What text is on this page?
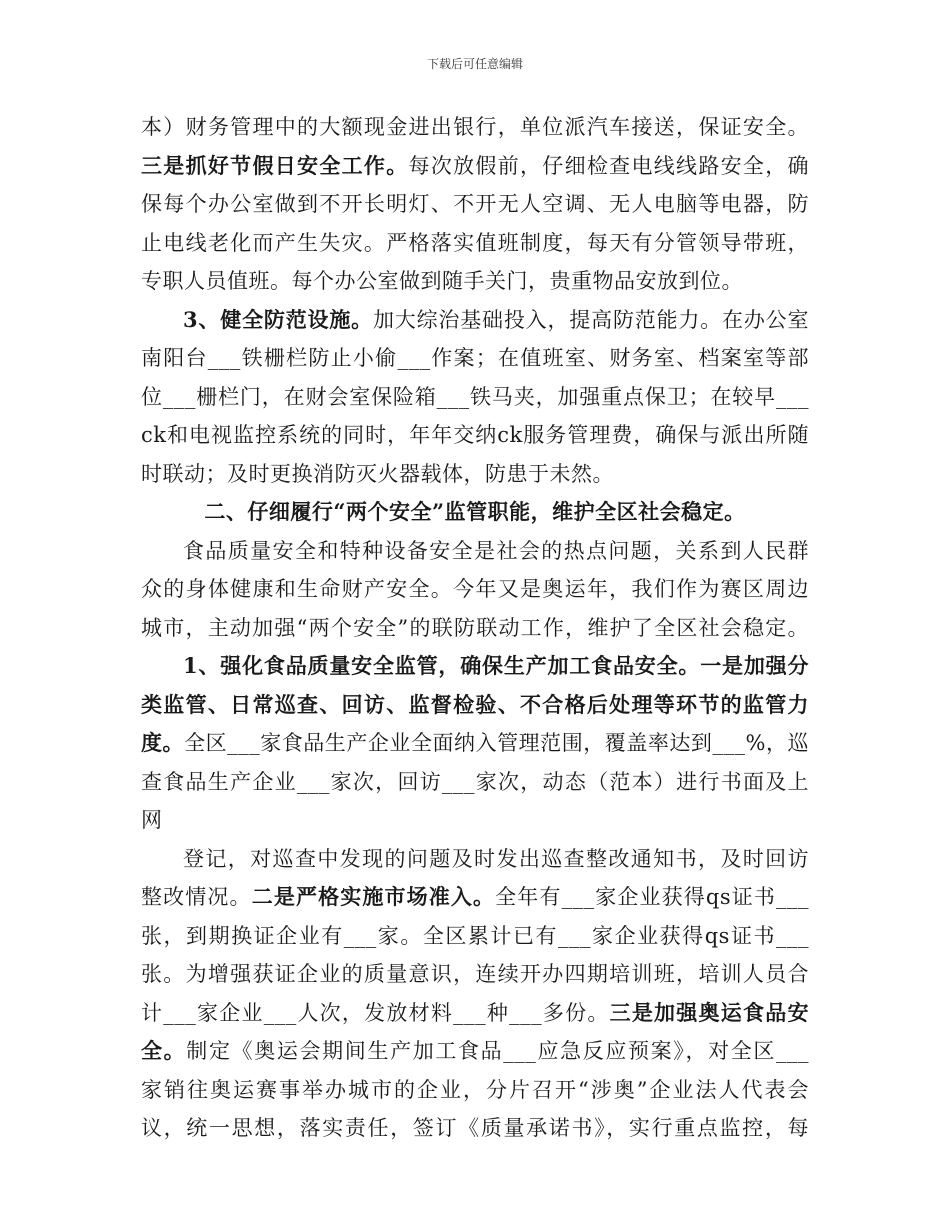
下载后可任意编辑
本）财务管理中的大额现金进出银行，单位派汽车接送，保证安全。
三是抓好节假日安全工作。每次放假前，仔细检查电线线路安全，确
保每个办公室做到不开长明灯、不开无人空调、无人电脑等电器，防
止电线老化而产生失灾。严格落实值班制度，每天有分管领导带班，
专职人员值班。每个办公室做到随手关门，贵重物品安放到位。
3、健全防范设施。加大综治基础投入，提高防范能力。在办公室
南阳台___铁栅栏防止小偷___作案；在值班室、财务室、档案室等部
位___栅栏门，在财会室保险箱___铁马夹，加强重点保卫；在较早___
ck和电视监控系统的同时，年年交纳ck服务管理费，确保与派出所随
时联动；及时更换消防灭火器载体，防患于未然。
二、仔细履行“两个安全”监管职能，维护全区社会稳定。
食品质量安全和特种设备安全是社会的热点问题，关系到人民群
众的身体健康和生命财产安全。今年又是奥运年，我们作为赛区周边
城市，主动加强“两个安全”的联防联动工作，维护了全区社会稳定。
1、强化食品质量安全监管，确保生产加工食品安全。一是加强分
类监管、日常巡查、回访、监督检验、不合格后处理等环节的监管力
度。全区___家食品生产企业全面纳入管理范围，覆盖率达到___%，巡
查食品生产企业___家次，回访___家次，动态（范本）进行书面及上
网
登记，对巡查中发现的问题及时发出巡查整改通知书，及时回访
整改情况。二是严格实施市场准入。全年有___家企业获得qs证书___
张，到期换证企业有___家。全区累计已有___家企业获得qs证书___
张。为增强获证企业的质量意识，连续开办四期培训班，培训人员合
计___家企业___人次，发放材料___种___多份。三是加强奥运食品安
全。制定《奥运会期间生产加工食品___应急反应预案》，对全区___
家销往奥运赛事举办城市的企业，分片召开“涉奥”企业法人代表会
议，统一思想，落实责任，签订《质量承诺书》，实行重点监控，每
